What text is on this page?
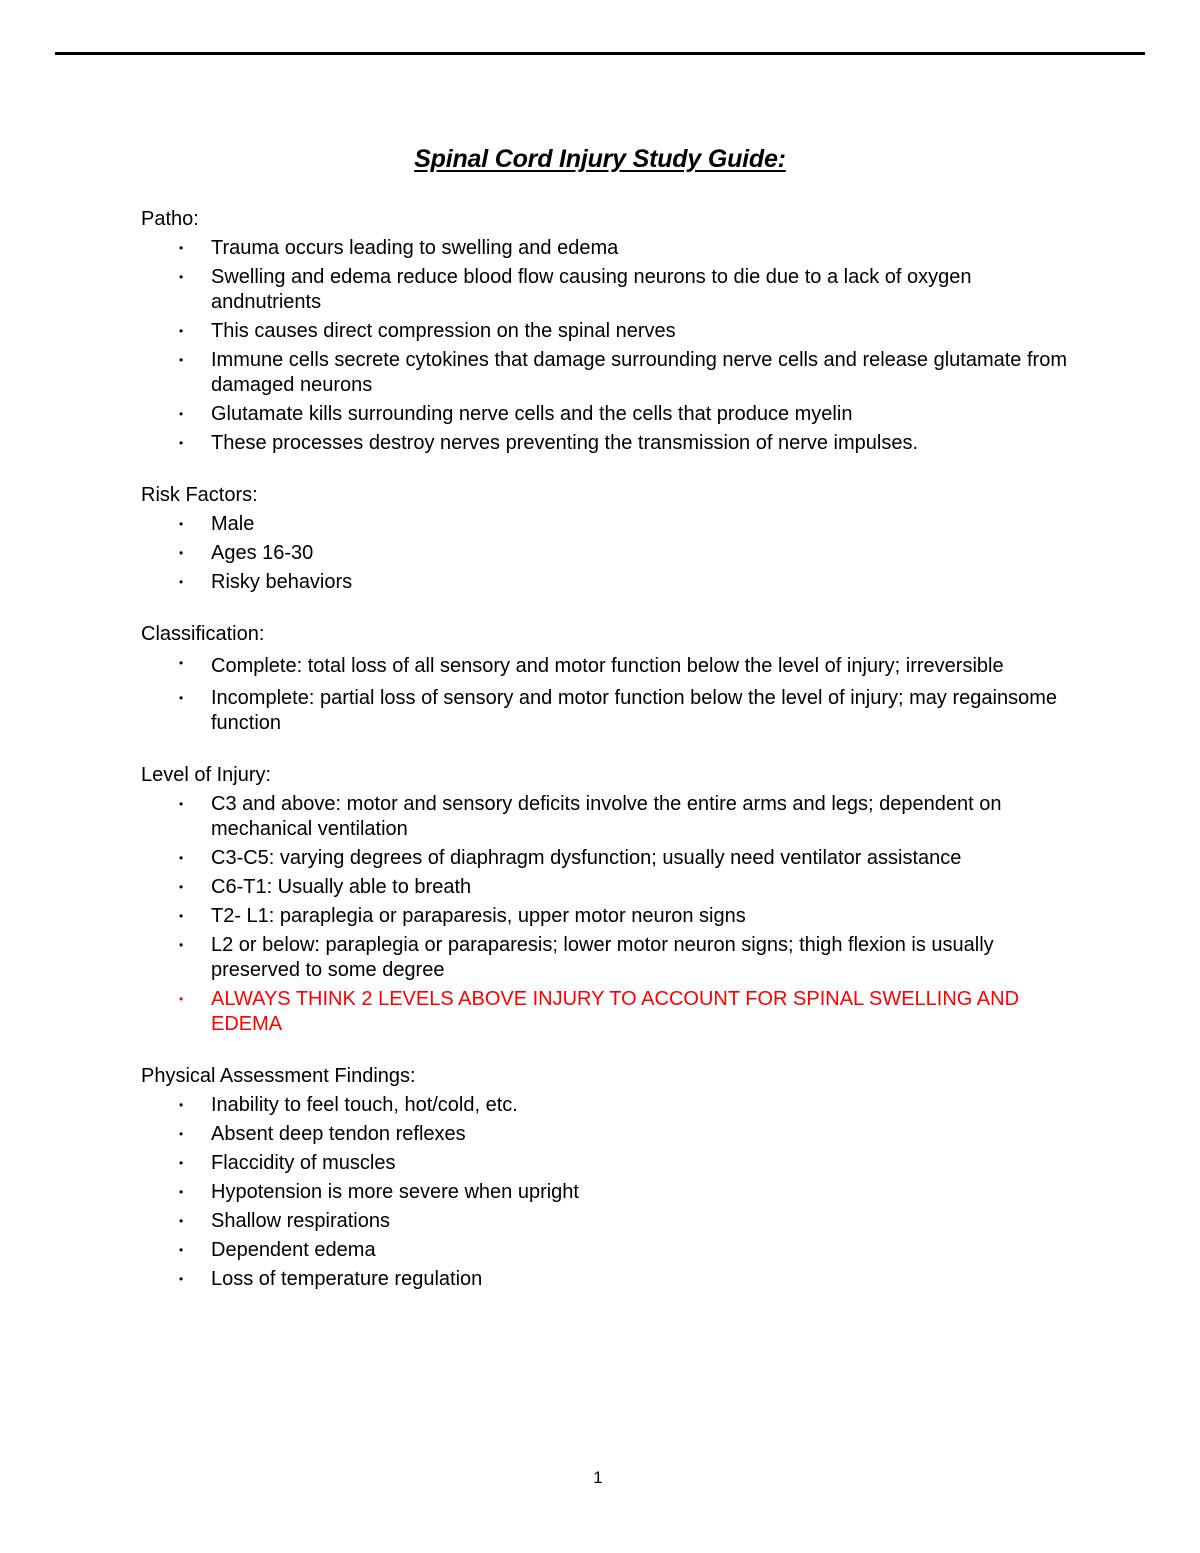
Spinal Cord Injury Study Guide:
Patho:
• Trauma occurs leading to swelling and edema
• Swelling and edema reduce blood flow causing neurons to die due to a lack of oxygen andnutrients
• This causes direct compression on the spinal nerves
• Immune cells secrete cytokines that damage surrounding nerve cells and release glutamate from damaged neurons
• Glutamate kills surrounding nerve cells and the cells that produce myelin
• These processes destroy nerves preventing the transmission of nerve impulses.
Risk Factors:
• Male
• Ages 16-30
• Risky behaviors
Classification:
• Complete: total loss of all sensory and motor function below the level of injury; irreversible
• Incomplete: partial loss of sensory and motor function below the level of injury; may regainsome function
Level of Injury:
• C3 and above: motor and sensory deficits involve the entire arms and legs; dependent on mechanical ventilation
• C3-C5: varying degrees of diaphragm dysfunction; usually need ventilator assistance
• C6-T1: Usually able to breath
• T2- L1: paraplegia or paraparesis, upper motor neuron signs
• L2 or below: paraplegia or paraparesis; lower motor neuron signs; thigh flexion is usually preserved to some degree
• ALWAYS THINK 2 LEVELS ABOVE INJURY TO ACCOUNT FOR SPINAL SWELLING AND EDEMA
Physical Assessment Findings:
• Inability to feel touch, hot/cold, etc.
• Absent deep tendon reflexes
• Flaccidity of muscles
• Hypotension is more severe when upright
• Shallow respirations
• Dependent edema
• Loss of temperature regulation
1
